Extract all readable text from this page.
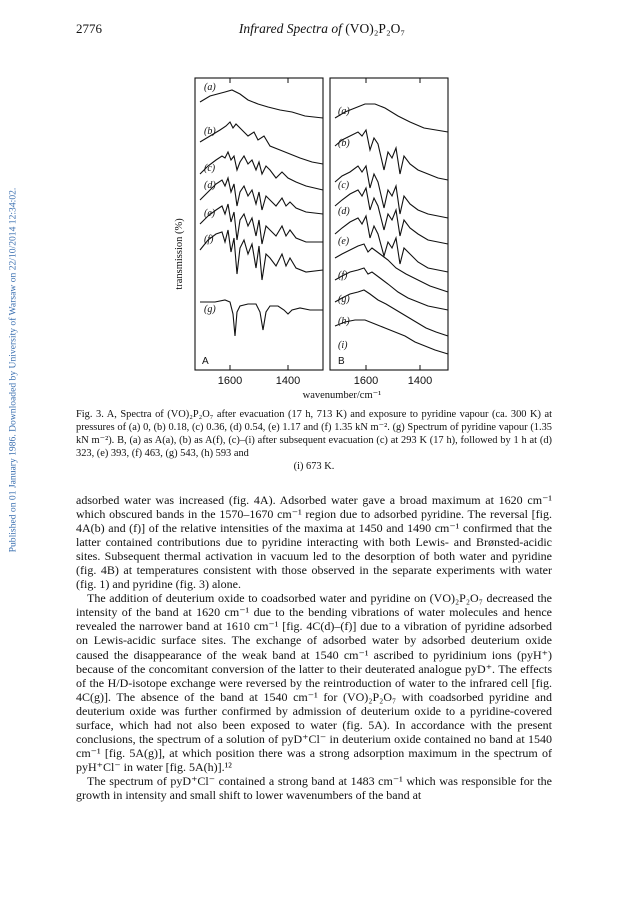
Published on 01 January 1986. Downloaded by University of Warsaw on 22/10/2014 12:34:02.
2776	Infrared Spectra of (VO)₂P₂O₇
transmission (%)
(a)
(b)
(c)
(d)
(e)
(f)
(g)
(a)
(b)
(c)
(d)
(e)
(f)
(g)
(h)
(i)
A	B
1600	1400	1600	1400
wavenumber/cm⁻¹
Fig. 3. A, Spectra of (VO)₂P₂O₇ after evacuation (17 h, 713 K) and exposure to pyridine vapour (ca. 300 K) at pressures of (a) 0, (b) 0.18, (c) 0.36, (d) 0.54, (e) 1.17 and (f) 1.35 kN m⁻². (g) Spectrum of pyridine vapour (1.35 kN m⁻²). B, (a) as A(a), (b) as A(f), (c)–(i) after subsequent evacuation (c) at 293 K (17 h), followed by 1 h at (d) 323, (e) 393, (f) 463, (g) 543, (h) 593 and
(i) 673 K.

adsorbed water was increased (fig. 4A). Adsorbed water gave a broad maximum at 1620 cm⁻¹ which obscured bands in the 1570–1670 cm⁻¹ region due to adsorbed pyridine. The reversal [fig. 4A(b) and (f)] of the relative intensities of the maxima at 1450 and 1490 cm⁻¹ confirmed that the latter contained contributions due to pyridine interacting with both Lewis- and Brønsted-acidic sites. Subsequent thermal activation in vacuum led to the desorption of both water and pyridine (fig. 4B) at temperatures consistent with those observed in the separate experiments with water (fig. 1) and pyridine (fig. 3) alone.

The addition of deuterium oxide to coadsorbed water and pyridine on (VO)₂P₂O₇ decreased the intensity of the band at 1620 cm⁻¹ due to the bending vibrations of water molecules and hence revealed the narrower band at 1610 cm⁻¹ [fig. 4C(d)–(f)] due to a vibration of pyridine adsorbed on Lewis-acidic surface sites. The exchange of adsorbed water by adsorbed deuterium oxide caused the disappearance of the weak band at 1540 cm⁻¹ ascribed to pyridinium ions (pyH⁺) because of the concomitant conversion of the latter to their deuterated analogue pyD⁺. The effects of the H/D-isotope exchange were reversed by the reintroduction of water to the infrared cell [fig. 4C(g)]. The absence of the band at 1540 cm⁻¹ for (VO)₂P₂O₇ with coadsorbed pyridine and deuterium oxide was further confirmed by admission of deuterium oxide to a pyridine-covered surface, which had not also been exposed to water (fig. 5A). In accordance with the present conclusions, the spectrum of a solution of pyD⁺Cl⁻ in deuterium oxide contained no band at 1540 cm⁻¹ [fig. 5A(g)], at which position there was a strong adsorption maximum in the spectrum of pyH⁺Cl⁻ in water [fig. 5A(h)].¹²

The spectrum of pyD⁺Cl⁻ contained a strong band at 1483 cm⁻¹ which was responsible for the growth in intensity and small shift to lower wavenumbers of the band at
